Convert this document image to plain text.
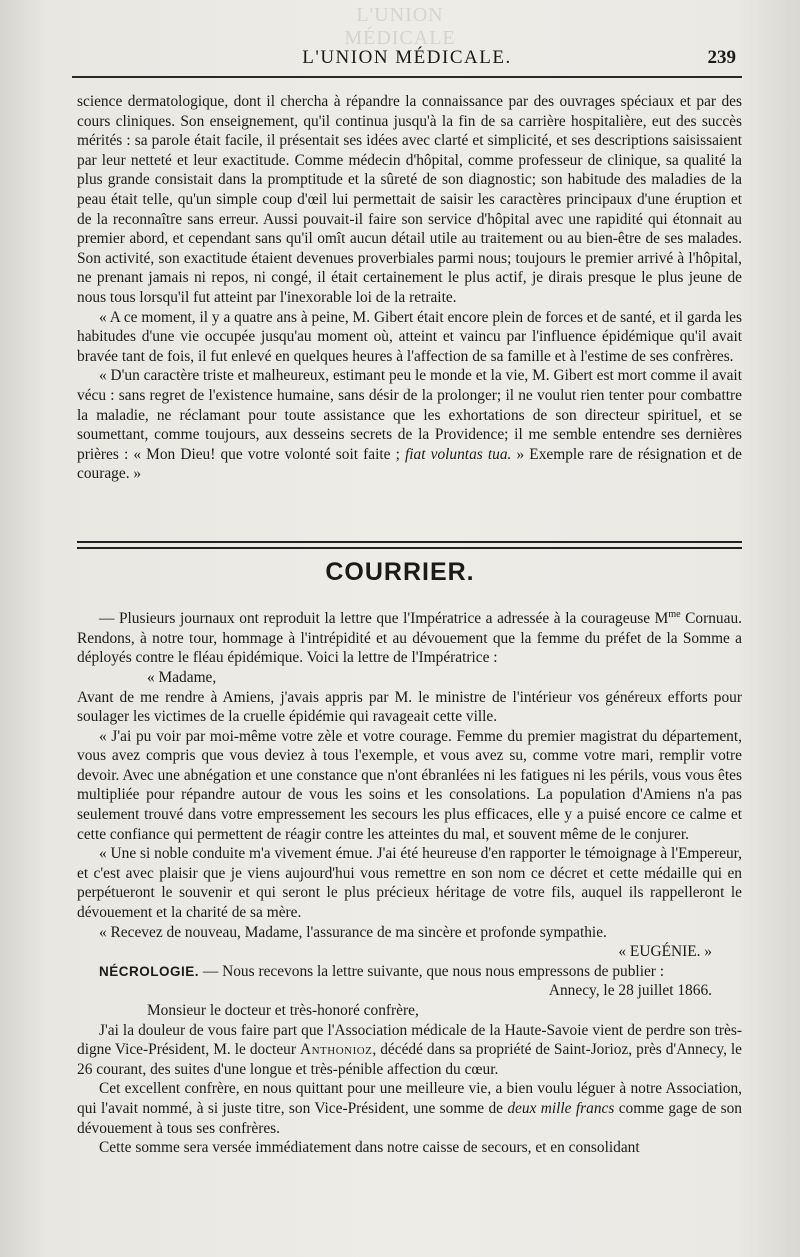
L'UNION MÉDICALE
L'UNION MÉDICALE.	239

science dermatologique, dont il chercha à répandre la connaissance par des ouvrages spéciaux et par des cours cliniques. Son enseignement, qu'il continua jusqu'à la fin de sa carrière hospitalière, eut des succès mérités : sa parole était facile, il présentait ses idées avec clarté et simplicité, et ses descriptions saisissaient par leur netteté et leur exactitude. Comme médecin d'hôpital, comme professeur de clinique, sa qualité la plus grande consistait dans la promptitude et la sûreté de son diagnostic; son habitude des maladies de la peau était telle, qu'un simple coup d'œil lui permettait de saisir les caractères principaux d'une éruption et de la reconnaître sans erreur. Aussi pouvait-il faire son service d'hôpital avec une rapidité qui étonnait au premier abord, et cependant sans qu'il omît aucun détail utile au traitement ou au bien-être de ses malades. Son activité, son exactitude étaient devenues proverbiales parmi nous; toujours le premier arrivé à l'hôpital, ne prenant jamais ni repos, ni congé, il était certainement le plus actif, je dirais presque le plus jeune de nous tous lorsqu'il fut atteint par l'inexorable loi de la retraite.

« A ce moment, il y a quatre ans à peine, M. Gibert était encore plein de forces et de santé, et il garda les habitudes d'une vie occupée jusqu'au moment où, atteint et vaincu par l'influence épidémique qu'il avait bravée tant de fois, il fut enlevé en quelques heures à l'affection de sa famille et à l'estime de ses confrères.

« D'un caractère triste et malheureux, estimant peu le monde et la vie, M. Gibert est mort comme il avait vécu : sans regret de l'existence humaine, sans désir de la prolonger; il ne voulut rien tenter pour combattre la maladie, ne réclamant pour toute assistance que les exhortations de son directeur spirituel, et se soumettant, comme toujours, aux desseins secrets de la Providence; il me semble entendre ses dernières prières : « Mon Dieu! que votre volonté soit faite ; fiat voluntas tua. » Exemple rare de résignation et de courage. »

COURRIER.

— Plusieurs journaux ont reproduit la lettre que l'Impératrice a adressée à la courageuse $M^{me}$ Cornuau. Rendons, à notre tour, hommage à l'intrépidité et au dévouement que la femme du préfet de la Somme a déployés contre le fléau épidémique. Voici la lettre de l'Impératrice :

« Madame,

Avant de me rendre à Amiens, j'avais appris par M. le ministre de l'intérieur vos généreux efforts pour soulager les victimes de la cruelle épidémie qui ravageait cette ville.

« J'ai pu voir par moi-même votre zèle et votre courage. Femme du premier magistrat du département, vous avez compris que vous deviez à tous l'exemple, et vous avez su, comme votre mari, remplir votre devoir. Avec une abnégation et une constance que n'ont ébranlées ni les fatigues ni les périls, vous vous êtes multipliée pour répandre autour de vous les soins et les consolations. La population d'Amiens n'a pas seulement trouvé dans votre empressement les secours les plus efficaces, elle y a puisé encore ce calme et cette confiance qui permettent de réagir contre les atteintes du mal, et souvent même de le conjurer.

« Une si noble conduite m'a vivement émue. J'ai été heureuse d'en rapporter le témoignage à l'Empereur, et c'est avec plaisir que je viens aujourd'hui vous remettre en son nom ce décret et cette médaille qui en perpétueront le souvenir et qui seront le plus précieux héritage de votre fils, auquel ils rappelleront le dévouement et la charité de sa mère.

« Recevez de nouveau, Madame, l'assurance de ma sincère et profonde sympathie.

« EUGÉNIE. »

NÉCROLOGIE. — Nous recevons la lettre suivante, que nous nous empressons de publier :

Annecy, le 28 juillet 1866.

Monsieur le docteur et très-honoré confrère,

J'ai la douleur de vous faire part que l'Association médicale de la Haute-Savoie vient de perdre son très-digne Vice-Président, M. le docteur Anthonioz, décédé dans sa propriété de Saint-Jorioz, près d'Annecy, le 26 courant, des suites d'une longue et très-pénible affection du cœur.

Cet excellent confrère, en nous quittant pour une meilleure vie, a bien voulu léguer à notre Association, qui l'avait nommé, à si juste titre, son Vice-Président, une somme de deux mille francs comme gage de son dévouement à tous ses confrères.

Cette somme sera versée immédiatement dans notre caisse de secours, et en consolidant
